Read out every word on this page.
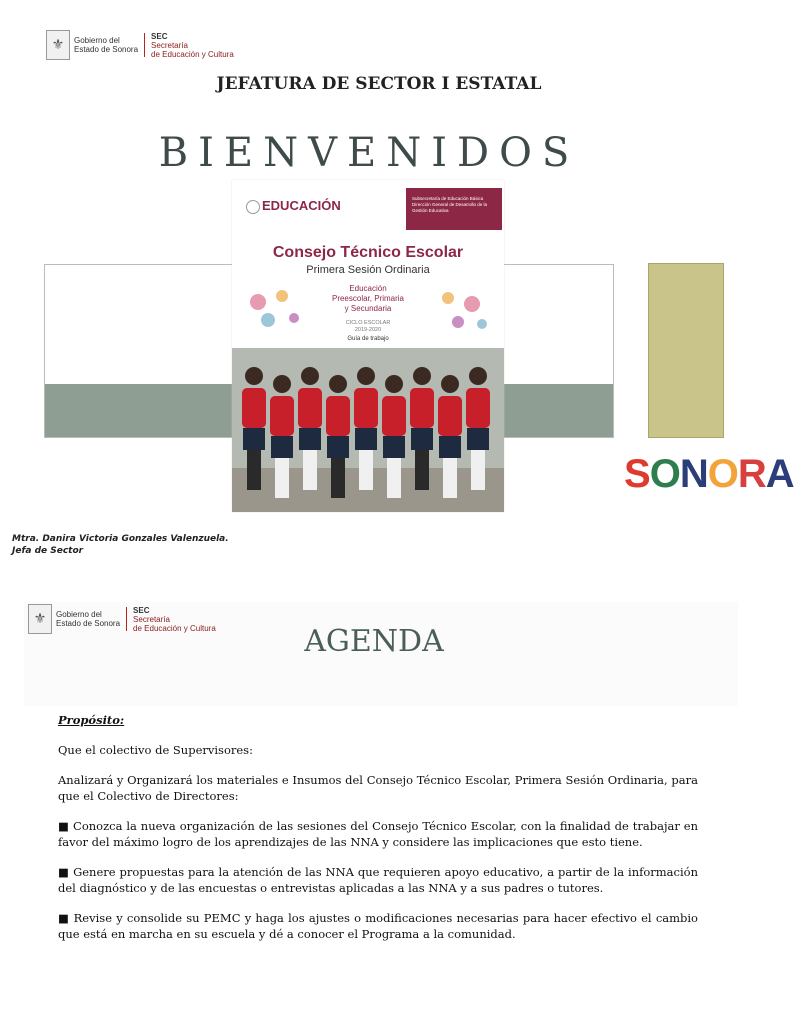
⚜	Gobierno del
Estado de Sonora
SEC
Secretaría
de Educación y Cultura
JEFATURA DE SECTOR I ESTATAL
BIENVENIDOS
EDUCACIÓN	Subsecretaría de Educación Básica
Dirección General de Desarrollo de la Gestión Educativa
Consejo Técnico Escolar
Primera Sesión Ordinaria
Educación
Preescolar, Primaria
y Secundaria
CICLO ESCOLAR
2019-2020
Guía de trabajo
SONORA
Mtra. Danira Victoria Gonzales Valenzuela.
Jefa de Sector
⚜	Gobierno del
Estado de Sonora
SEC
Secretaría
de Educación y Cultura	AGENDA
Propósito:
Que el colectivo de Supervisores:
Analizará y Organizará los materiales e Insumos del Consejo Técnico Escolar, Primera Sesión Ordinaria, para que el Colectivo de Directores:
■ Conozca la nueva organización de las sesiones del Consejo Técnico Escolar, con la finalidad de trabajar en favor del máximo logro de los aprendizajes de las NNA y considere las implicaciones que esto tiene.
■ Genere propuestas para la atención de las NNA que requieren apoyo educativo, a partir de la información del diagnóstico y de las encuestas o entrevistas aplicadas a las NNA y a sus padres o tutores.
■ Revise y consolide su PEMC y haga los ajustes o modificaciones necesarias para hacer efectivo el cambio que está en marcha en su escuela y dé a conocer el Programa a la comunidad.
